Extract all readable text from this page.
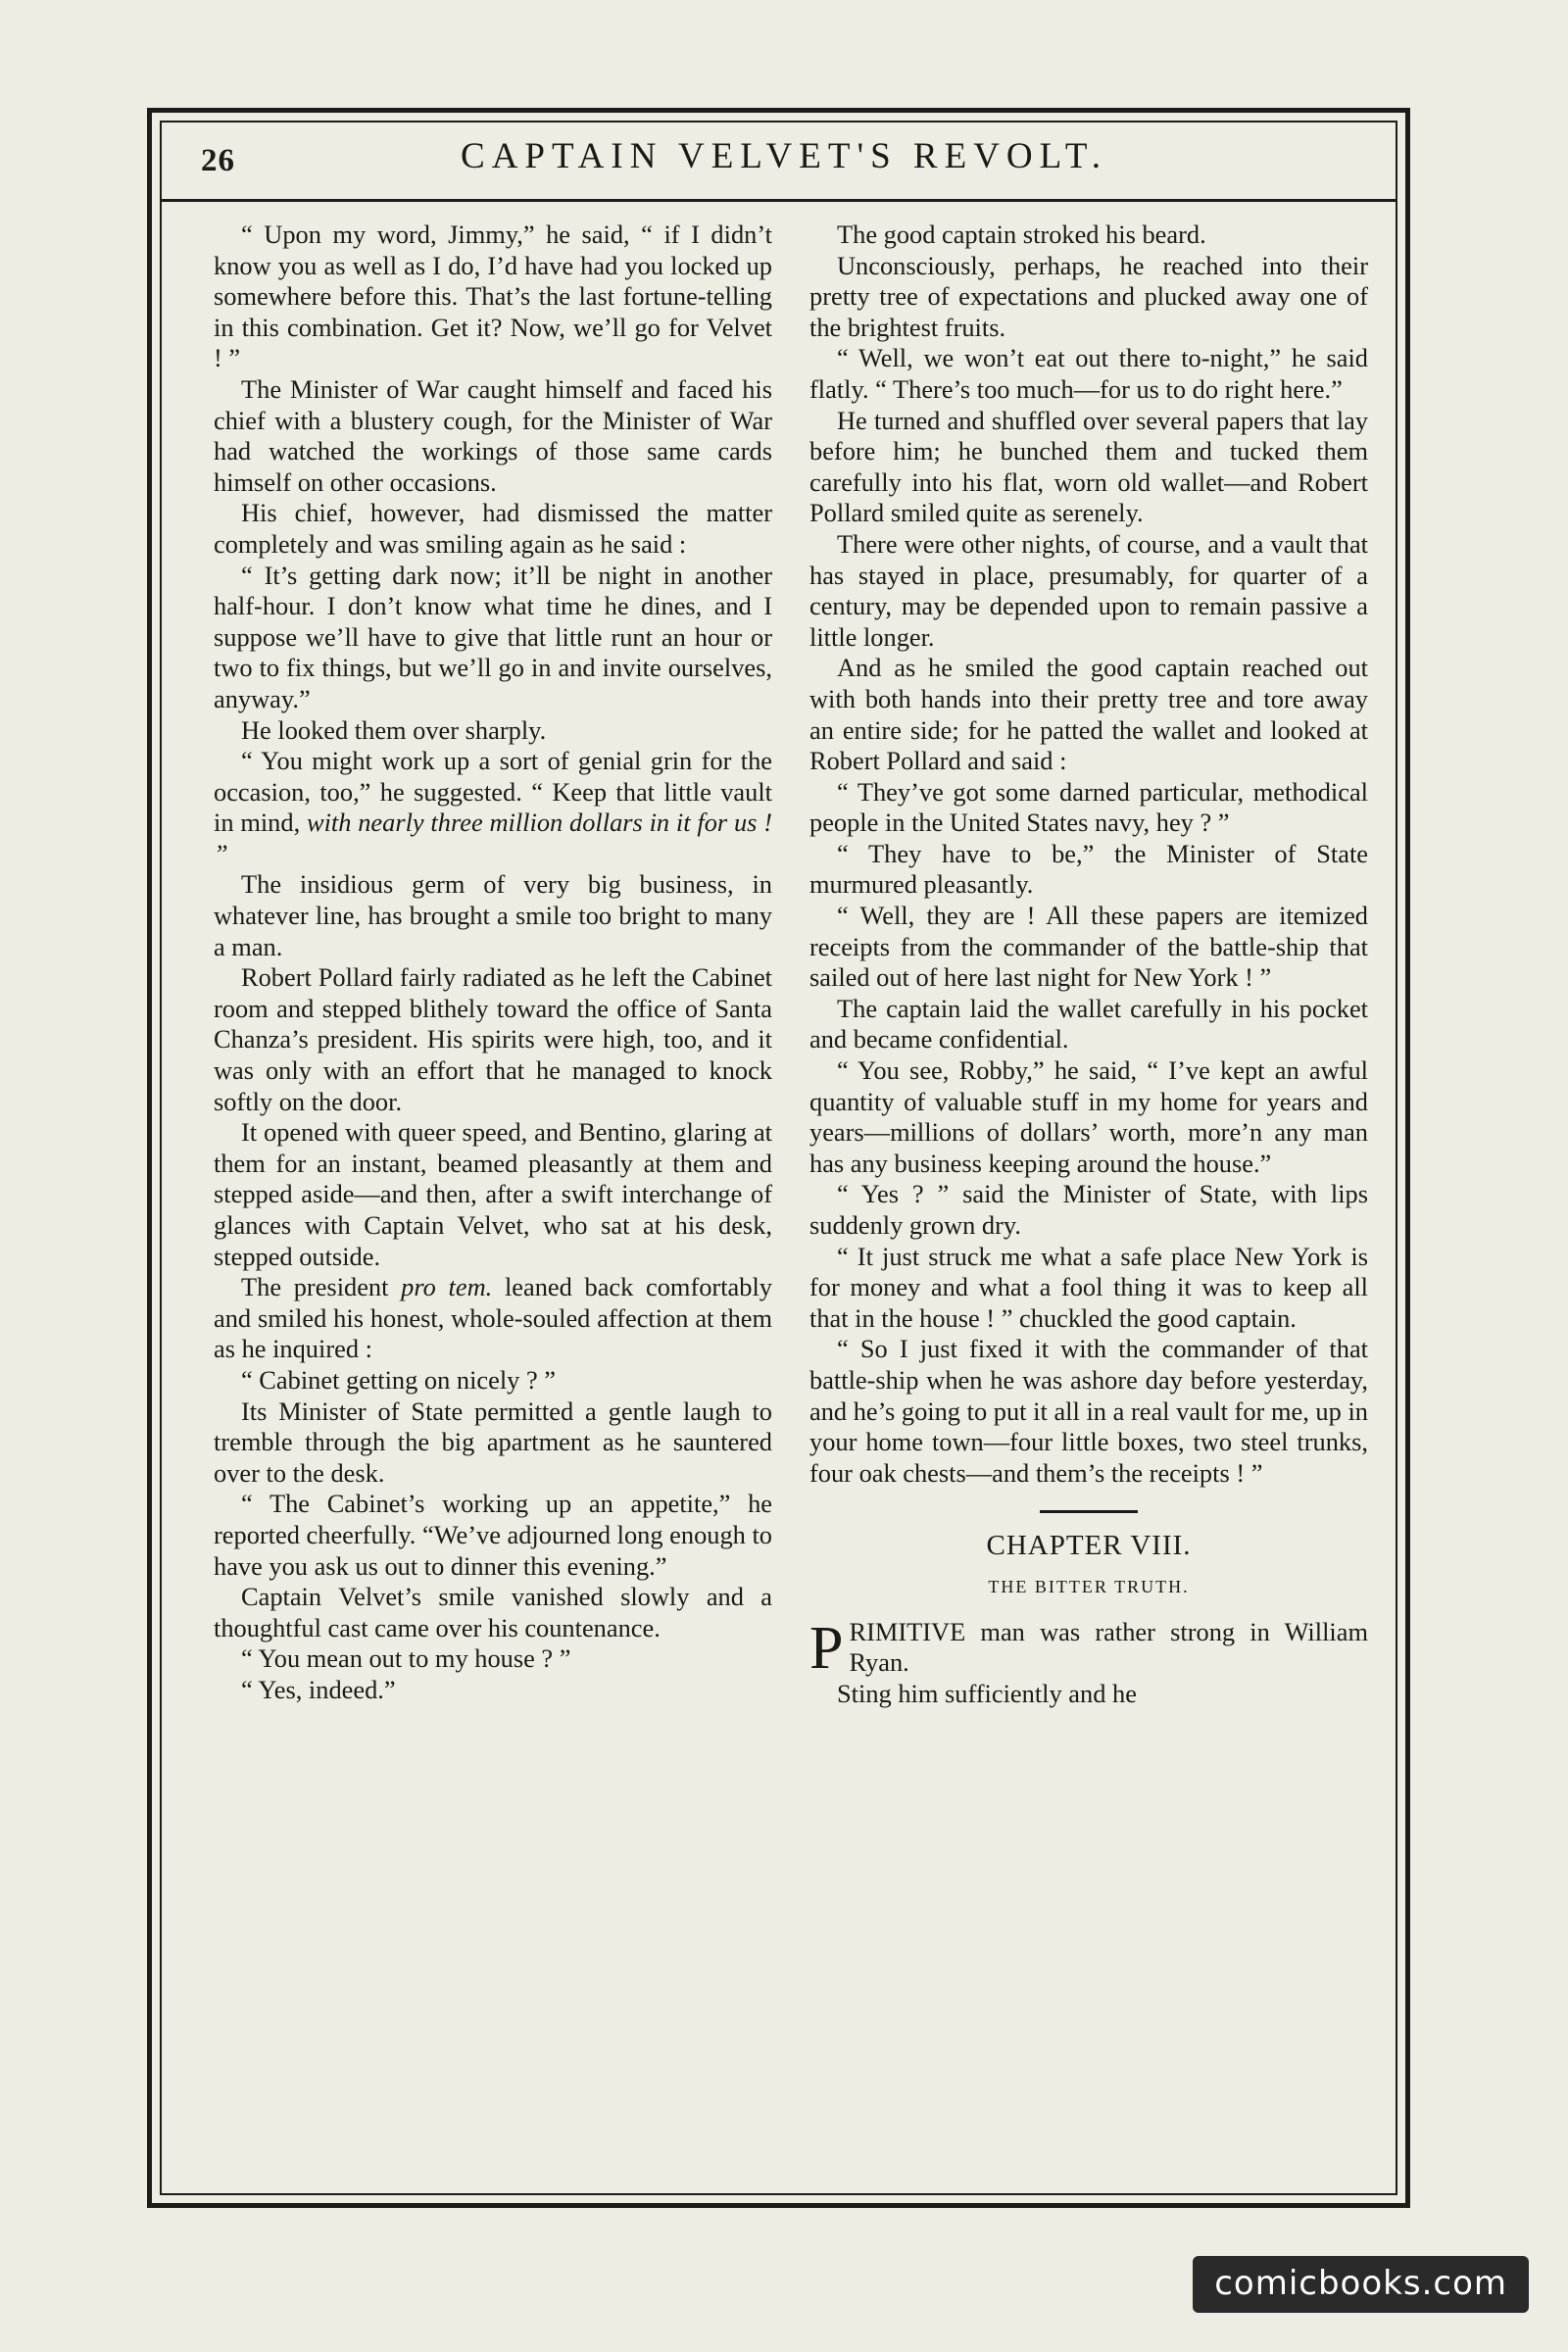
26	CAPTAIN VELVET'S REVOLT.

“ Upon my word, Jimmy,” he said, “ if I didn’t know you as well as I do, I’d have had you locked up somewhere before this. That’s the last fortune-telling in this combination. Get it? Now, we’ll go for Velvet ! ”

The Minister of War caught himself and faced his chief with a blustery cough, for the Minister of War had watched the workings of those same cards himself on other occasions.

His chief, however, had dismissed the matter completely and was smiling again as he said :

“ It’s getting dark now; it’ll be night in another half-hour. I don’t know what time he dines, and I suppose we’ll have to give that little runt an hour or two to fix things, but we’ll go in and invite ourselves, anyway.”

He looked them over sharply.

“ You might work up a sort of genial grin for the occasion, too,” he suggested. “ Keep that little vault in mind, with nearly three million dollars in it for us ! ”

The insidious germ of very big business, in whatever line, has brought a smile too bright to many a man.

Robert Pollard fairly radiated as he left the Cabinet room and stepped blithely toward the office of Santa Chanza’s president. His spirits were high, too, and it was only with an effort that he managed to knock softly on the door.

It opened with queer speed, and Bentino, glaring at them for an instant, beamed pleasantly at them and stepped aside—and then, after a swift interchange of glances with Captain Velvet, who sat at his desk, stepped outside.

The president pro tem. leaned back comfortably and smiled his honest, whole-souled affection at them as he inquired :

“ Cabinet getting on nicely ? ”

Its Minister of State permitted a gentle laugh to tremble through the big apartment as he sauntered over to the desk.

“ The Cabinet’s working up an appetite,” he reported cheerfully. “We’ve adjourned long enough to have you ask us out to dinner this evening.”

Captain Velvet’s smile vanished slowly and a thoughtful cast came over his countenance.

“ You mean out to my house ? ”

“ Yes, indeed.”

The good captain stroked his beard.

Unconsciously, perhaps, he reached into their pretty tree of expectations and plucked away one of the brightest fruits.

“ Well, we won’t eat out there to-night,” he said flatly. “ There’s too much—for us to do right here.”

He turned and shuffled over several papers that lay before him; he bunched them and tucked them carefully into his flat, worn old wallet—and Robert Pollard smiled quite as serenely.

There were other nights, of course, and a vault that has stayed in place, presumably, for quarter of a century, may be depended upon to remain passive a little longer.

And as he smiled the good captain reached out with both hands into their pretty tree and tore away an entire side; for he patted the wallet and looked at Robert Pollard and said :

“ They’ve got some darned particular, methodical people in the United States navy, hey ? ”

“ They have to be,” the Minister of State murmured pleasantly.

“ Well, they are ! All these papers are itemized receipts from the commander of the battle-ship that sailed out of here last night for New York ! ”

The captain laid the wallet carefully in his pocket and became confidential.

“ You see, Robby,” he said, “ I’ve kept an awful quantity of valuable stuff in my home for years and years—millions of dollars’ worth, more’n any man has any business keeping around the house.”

“ Yes ? ” said the Minister of State, with lips suddenly grown dry.

“ It just struck me what a safe place New York is for money and what a fool thing it was to keep all that in the house ! ” chuckled the good captain.

“ So I just fixed it with the commander of that battle-ship when he was ashore day before yesterday, and he’s going to put it all in a real vault for me, up in your home town—four little boxes, two steel trunks, four oak chests—and them’s the receipts ! ”

CHAPTER VIII.

THE BITTER TRUTH.

PRIMITIVE man was rather strong in William Ryan.

Sting him sufficiently and he

comicbooks.com
